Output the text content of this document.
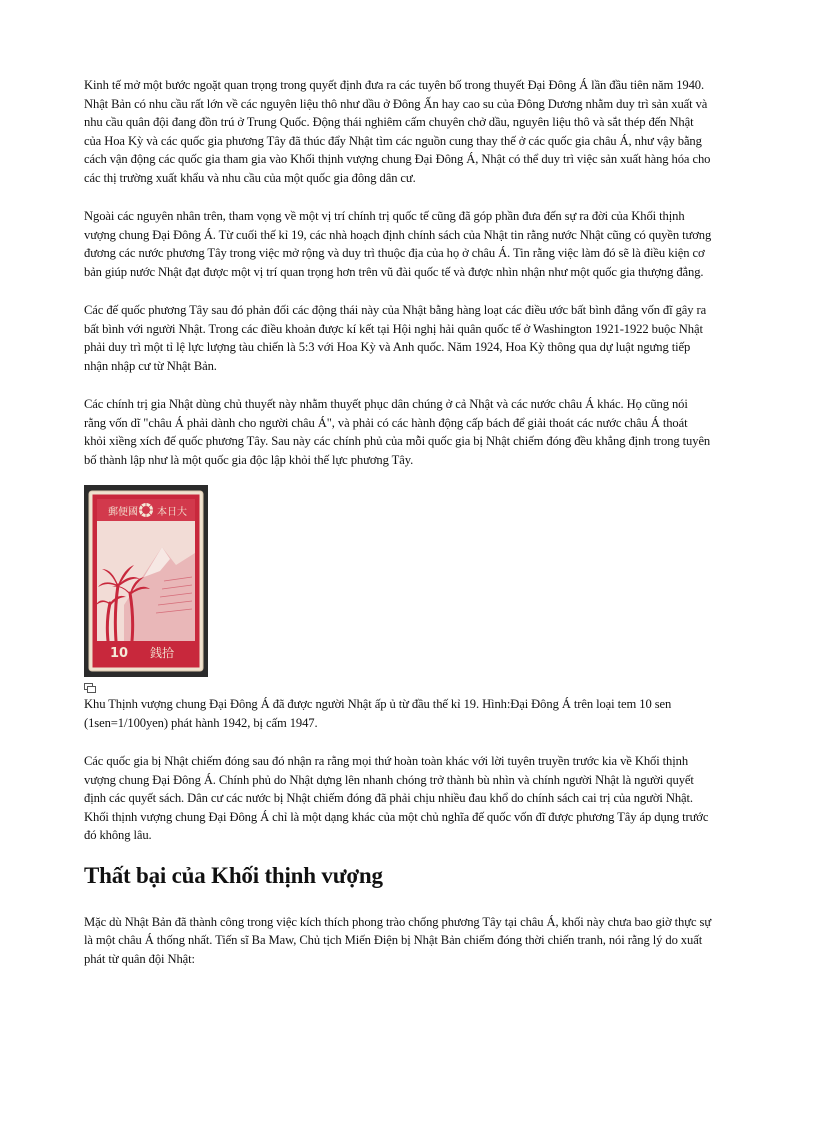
Kinh tế mở một bước ngoặt quan trọng trong quyết định đưa ra các tuyên bố trong thuyết Đại Đông Á lần đầu tiên năm 1940. Nhật Bản có nhu cầu rất lớn về các nguyên liệu thô như dầu ở Đông Ấn hay cao su của Đông Dương nhằm duy trì sản xuất và nhu cầu quân đội đang đồn trú ở Trung Quốc. Động thái nghiêm cấm chuyên chở dầu, nguyên liệu thô và sắt thép đến Nhật của Hoa Kỳ và các quốc gia phương Tây đã thúc đẩy Nhật tìm các nguồn cung thay thế ở các quốc gia châu Á, như vậy bằng cách vận động các quốc gia tham gia vào Khối thịnh vượng chung Đại Đông Á, Nhật có thể duy trì việc sản xuất hàng hóa cho các thị trường xuất khẩu và nhu cầu của một quốc gia đông dân cư.

Ngoài các nguyên nhân trên, tham vọng về một vị trí chính trị quốc tế cũng đã góp phần đưa đến sự ra đời của Khối thịnh vượng chung Đại Đông Á. Từ cuối thế kỉ 19, các nhà hoạch định chính sách của Nhật tin rằng nước Nhật cũng có quyền tương đương các nước phương Tây trong việc mở rộng và duy trì thuộc địa của họ ở châu Á. Tin rằng việc làm đó sẽ là điều kiện cơ bản giúp nước Nhật đạt được một vị trí quan trọng hơn trên vũ đài quốc tế và được nhìn nhận như một quốc gia thượng đẳng.

Các đế quốc phương Tây sau đó phản đối các động thái này của Nhật bằng hàng loạt các điều ước bất bình đẳng vốn đĩ gây ra bất bình với người Nhật. Trong các điều khoản được kí kết tại Hội nghị hải quân quốc tế ở Washington 1921-1922 buộc Nhật phải duy trì một tỉ lệ lực lượng tàu chiến là 5:3 với Hoa Kỳ và Anh quốc. Năm 1924, Hoa Kỳ thông qua dự luật ngưng tiếp nhận nhập cư từ Nhật Bản.

Các chính trị gia Nhật dùng chủ thuyết này nhằm thuyết phục dân chúng ở cả Nhật và các nước châu Á khác. Họ cũng nói rằng vốn dĩ "châu Á phải dành cho người châu Á", và phải có các hành động cấp bách để giải thoát các nước châu Á thoát khỏi xiềng xích đế quốc phương Tây. Sau này các chính phủ của mỗi quốc gia bị Nhật chiếm đóng đều khẳng định trong tuyên bố thành lập như là một quốc gia độc lập khỏi thế lực phương Tây.

郵便國 本日大
10 銭拾

Khu Thịnh vượng chung Đại Đông Á đã được người Nhật ấp ủ từ đầu thế kỉ 19. Hình:Đại Đông Á trên loại tem 10 sen (1sen=1/100yen) phát hành 1942, bị cấm 1947.

Các quốc gia bị Nhật chiếm đóng sau đó nhận ra rằng mọi thứ hoàn toàn khác với lời tuyên truyền trước kia về Khối thịnh vượng chung Đại Đông Á. Chính phủ do Nhật dựng lên nhanh chóng trở thành bù nhìn và chính người Nhật là người quyết định các quyết sách. Dân cư các nước bị Nhật chiếm đóng đã phải chịu nhiều đau khổ do chính sách cai trị của người Nhật. Khối thịnh vượng chung Đại Đông Á chỉ là một dạng khác của một chủ nghĩa đế quốc vốn đĩ được phương Tây áp dụng trước đó không lâu.

Thất bại của Khối thịnh vượng

Mặc dù Nhật Bản đã thành công trong việc kích thích phong trào chống phương Tây tại châu Á, khối này chưa bao giờ thực sự là một châu Á thống nhất. Tiến sĩ Ba Maw, Chủ tịch Miến Điện bị Nhật Bản chiếm đóng thời chiến tranh, nói rằng lý do xuất phát từ quân đội Nhật:
